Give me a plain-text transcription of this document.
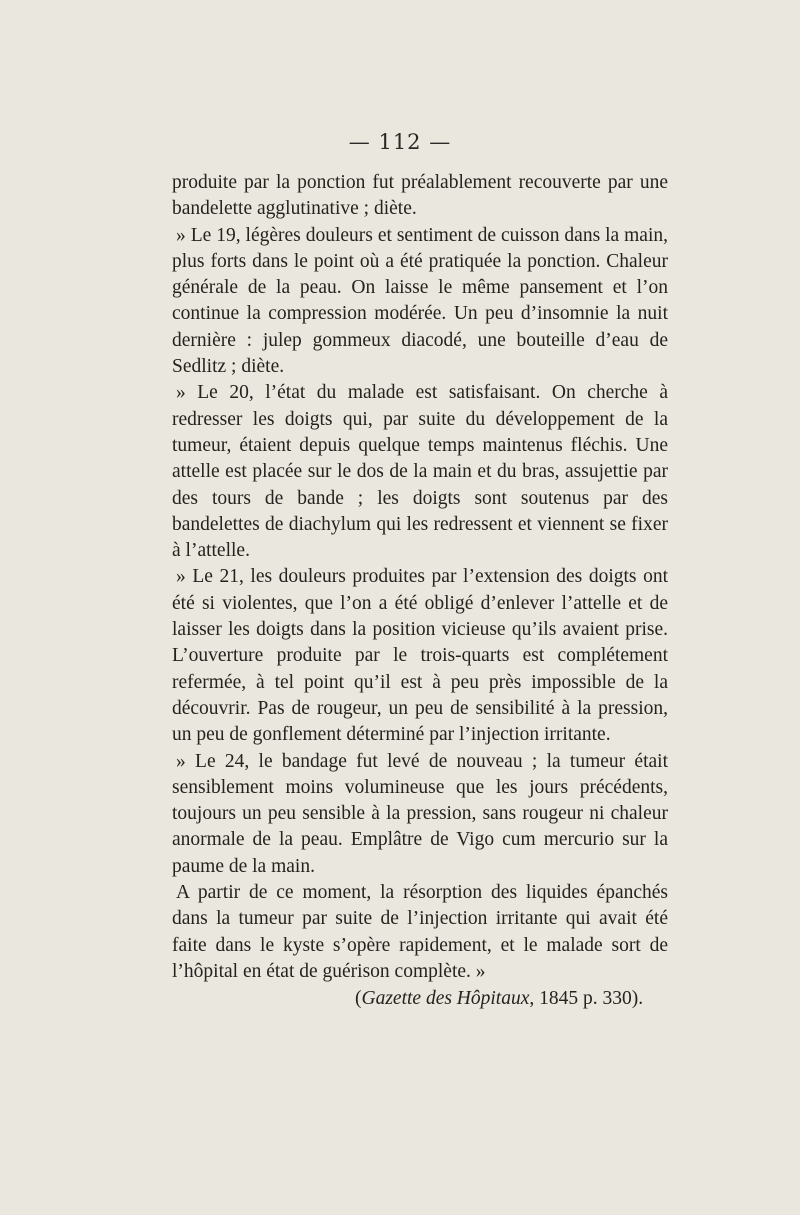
— 112 —

produite par la ponction fut préalablement recouverte par une bandelette agglutinative ; diète.

» Le 19, légères douleurs et sentiment de cuisson dans la main, plus forts dans le point où a été pratiquée la ponction. Chaleur générale de la peau. On laisse le même pansement et l’on continue la compression modérée. Un peu d’insomnie la nuit dernière : julep gommeux diacodé, une bouteille d’eau de Sedlitz ; diète.

» Le 20, l’état du malade est satisfaisant. On cherche à redresser les doigts qui, par suite du développement de la tumeur, étaient depuis quelque temps maintenus fléchis. Une attelle est placée sur le dos de la main et du bras, assujettie par des tours de bande ; les doigts sont soutenus par des bandelettes de diachylum qui les redressent et viennent se fixer à l’attelle.

» Le 21, les douleurs produites par l’extension des doigts ont été si violentes, que l’on a été obligé d’enlever l’attelle et de laisser les doigts dans la position vicieuse qu’ils avaient prise. L’ouverture produite par le trois-quarts est complétement refermée, à tel point qu’il est à peu près impossible de la découvrir. Pas de rougeur, un peu de sensibilité à la pression, un peu de gonflement déterminé par l’injection irritante.

» Le 24, le bandage fut levé de nouveau ; la tumeur était sensiblement moins volumineuse que les jours précédents, toujours un peu sensible à la pression, sans rougeur ni chaleur anormale de la peau. Emplâtre de Vigo cum mercurio sur la paume de la main.

A partir de ce moment, la résorption des liquides épanchés dans la tumeur par suite de l’injection irritante qui avait été faite dans le kyste s’opère rapidement, et le malade sort de l’hôpital en état de guérison complète. »

(Gazette des Hôpitaux, 1845 p. 330).
